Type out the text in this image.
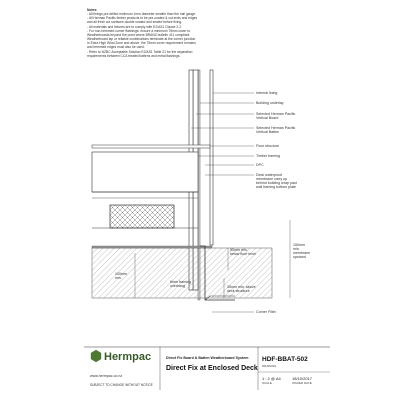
Notes:

- All fixings pre-drilled minimum 1mm diameter smaller than the nail gauge.

- All Herman Pacific timber products to be pre-coated & cut ends and edges

and all fresh cut surfaces double coated and sealed before fixing.

- All materials and fixtures are to comply with E2/AS1 Clause 2.2.

- For non-hemmed corner flashings: ensure a minimum 75mm cover to

Weatherboards beyond the point where BRANZ bulletin 411 compliant

Weatherboard lap or reliable combinations terminate at the corner junction.

In Extra High Wind Zone and above, the 75mm cover requirement remains

and hemmed edges must also be used.

- Refer to NZBC Acceptable Solution E2/AS1 Table 21 for the separation

requirements between CCA treated battens and metal flashings.

Internal lining
Building underlay
Selected Herman Pacific
Vertical Board
Selected Herman Pacific
Vertical Batten
Floor structure
Timber framing
DPC
Deck waterproof
membrane carry up
behind building wrap past
wall framing bottom plate
150mm
min.
membrane
upstand
50mm min.
below floor level
6mm framing
overhang	35mm min. above
deck structure
100mm
min.
Corner Fillet
Hermpac
www.hermpac.co.nz
SUBJECT TO CHANGE WITHOUT NOTICE
Direct Fix Board & Batten Weatherboard System
Direct Fix at Enclosed Deck
HDF-BBAT-502
DRAWING
1 : 2 @ A4
SCALE
18/10/2017
ISSUED DATE
